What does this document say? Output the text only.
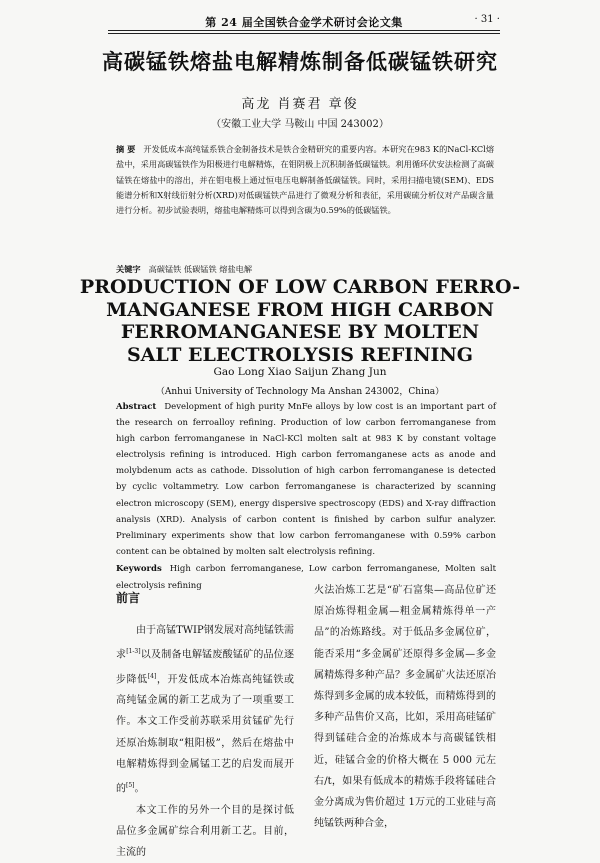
第 24 届全国铁合金学术研讨会论文集	· 31 ·
高碳锰铁熔盐电解精炼制备低碳锰铁研究
高龙 肖赛君 章俊
（安徽工业大学 马鞍山 中国 243002）
摘 要 开发低成本高纯锰系铁合金制备技术是铁合金精研究的重要内容。本研究在983 K的NaCl-KCl熔盐中，采用高碳锰铁作为阳极进行电解精炼，在钼阴极上沉积制备低碳锰铁。利用循环伏安法检测了高碳锰铁在熔盐中的溶出，并在钼电极上通过恒电压电解制备低碳锰铁。同时，采用扫描电镜(SEM)、EDS能谱分析和X射线衍射分析(XRD)对低碳锰铁产品进行了微观分析和表征，采用碳硫分析仪对产品碳含量进行分析。初步试验表明，熔盐电解精炼可以得到含碳为0.59%的低碳锰铁。
关键字 高碳锰铁 低碳锰铁 熔盐电解
PRODUCTION OF LOW CARBON FERRO-
MANGANESE FROM HIGH CARBON
FERROMANGANESE BY MOLTEN
SALT ELECTROLYSIS REFINING
Gao Long Xiao Saijun Zhang Jun
（Anhui University of Technology Ma Anshan 243002，China）
Abstract Development of high purity MnFe alloys by low cost is an important part of the research on ferroalloy refining. Production of low carbon ferromanganese from high carbon ferromanganese in NaCl-KCl molten salt at 983 K by constant voltage electrolysis refining is introduced. High carbon ferromanganese acts as anode and molybdenum acts as cathode. Dissolution of high carbon ferromanganese is detected by cyclic voltammetry. Low carbon ferromanganese is characterized by scanning electron microscopy (SEM), energy dispersive spectroscopy (EDS) and X-ray diffraction analysis (XRD). Analysis of carbon content is finished by carbon sulfur analyzer. Preliminary experiments show that low carbon ferromanganese with 0.59% carbon content can be obtained by molten salt electrolysis refining.
Keywords High carbon ferromanganese, Low carbon ferromanganese, Molten salt electrolysis refining
前言

由于高锰TWIP钢发展对高纯锰铁需求[1-3]以及制备电解锰废酸锰矿的品位逐步降低[4]，开发低成本冶炼高纯锰铁或高纯锰金属的新工艺成为了一项重要工作。本文工作受前苏联采用贫锰矿先行还原冶炼制取“粗阳极”，然后在熔盐中电解精炼得到金属锰工艺的启发而展开的[5]。

本文工作的另外一个目的是探讨低品位多金属矿综合利用新工艺。目前，主流的

火法冶炼工艺是“矿石富集—高品位矿还原冶炼得粗金属—粗金属精炼得单一产品”的冶炼路线。对于低品多金属位矿，能否采用“多金属矿还原得多金属—多金属精炼得多种产品？多金属矿火法还原冶炼得到多金属的成本较低，而精炼得到的多种产品售价又高，比如，采用高硅锰矿得到锰硅合金的冶炼成本与高碳锰铁相近，硅锰合金的价格大概在 5 000 元左右/t，如果有低成本的精炼手段将锰硅合金分离成为售价超过 1万元的工业硅与高纯锰铁两种合金，
